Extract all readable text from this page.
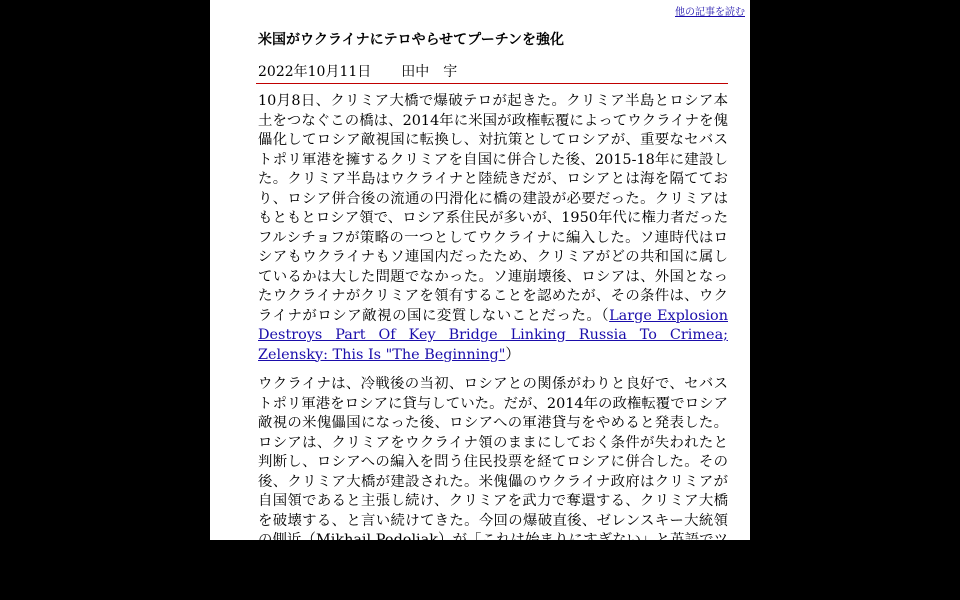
他の記事を読む
米国がウクライナにテロやらせてプーチンを強化
2022年10月11日 田中　宇

10月8日、クリミア大橋で爆破テロが起きた。クリミア半島とロシア本土をつなぐこの橋は、2014年に米国が政権転覆によってウクライナを傀儡化してロシア敵視国に転換し、対抗策としてロシアが、重要なセバストポリ軍港を擁するクリミアを自国に併合した後、2015-18年に建設した。クリミア半島はウクライナと陸続きだが、ロシアとは海を隔てており、ロシア併合後の流通の円滑化に橋の建設が必要だった。クリミアはもともとロシア領で、ロシア系住民が多いが、1950年代に権力者だったフルシチョフが策略の一つとしてウクライナに編入した。ソ連時代はロシアもウクライナもソ連国内だったため、クリミアがどの共和国に属しているかは大した問題でなかった。ソ連崩壊後、ロシアは、外国となったウクライナがクリミアを領有することを認めたが、その条件は、ウクライナがロシア敵視の国に変質しないことだった。（Large Explosion Destroys Part Of Key Bridge Linking Russia To Crimea; Zelensky: This Is "The Beginning"）

ウクライナは、冷戦後の当初、ロシアとの関係がわりと良好で、セバストポリ軍港をロシアに貸与していた。だが、2014年の政権転覆でロシア敵視の米傀儡国になった後、ロシアへの軍港貸与をやめると発表した。ロシアは、クリミアをウクライナ領のままにしておく条件が失われたと判断し、ロシアへの編入を問う住民投票を経てロシアに併合した。その後、クリミア大橋が建設された。米傀儡のウクライナ政府はクリミアが自国領であると主張し続け、クリミアを武力で奪還する、クリミア大橋を破壊する、と言い続けてきた。今回の爆破直後、ゼレンスキー大統領の側近（Mikhail Podoliak）が「これは始まりにすぎない」と英語でツイートし、ウクライナと米国が橋を爆破したことへの全世界の注目に対して似
